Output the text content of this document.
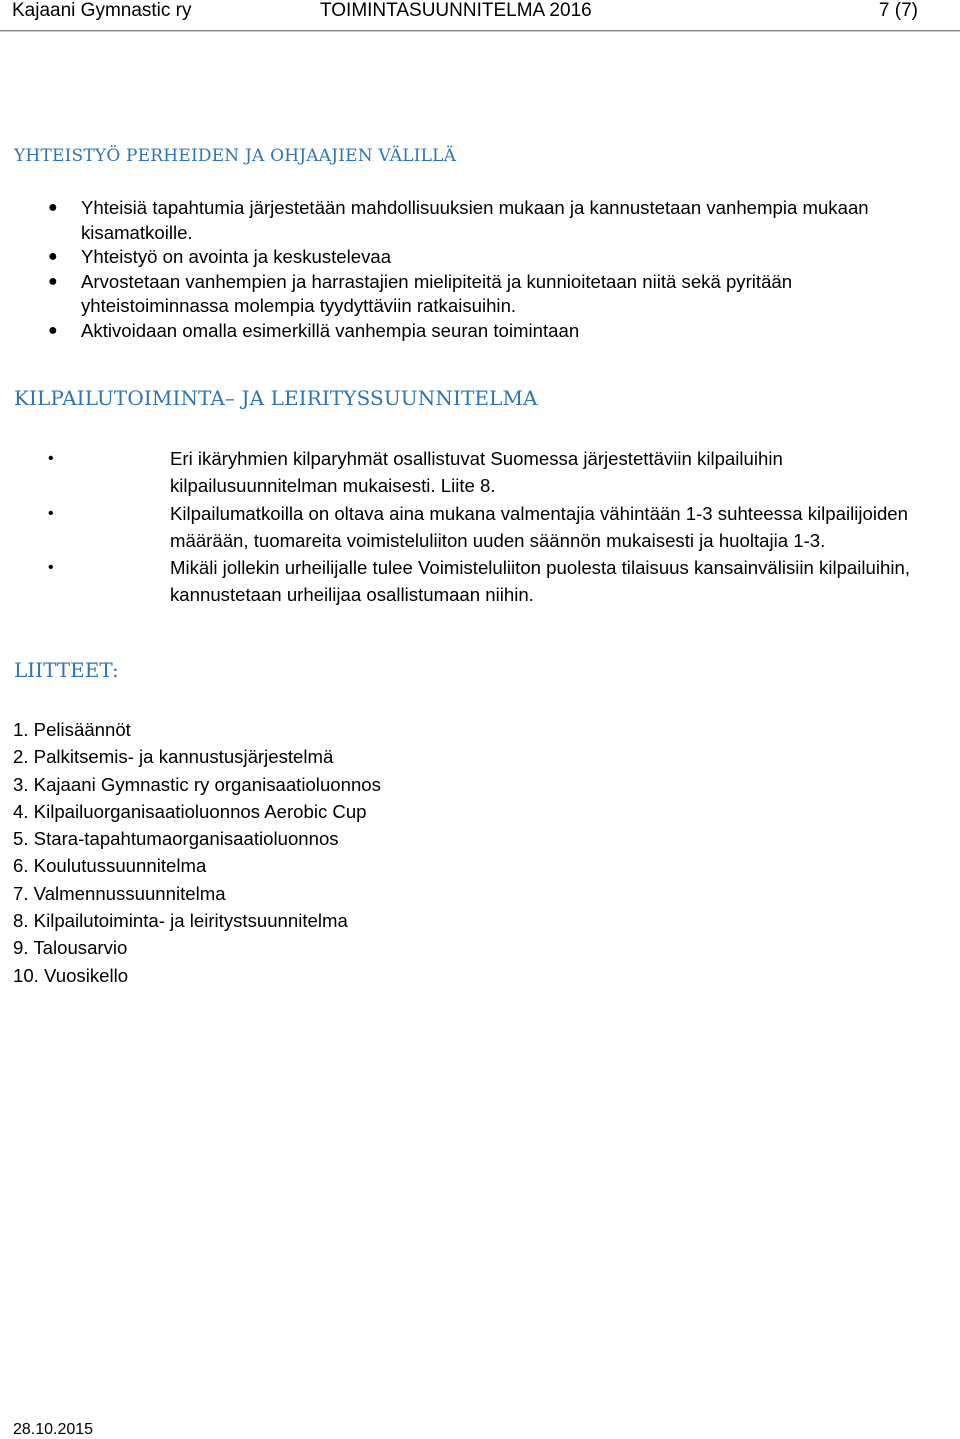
Kajaani Gymnastic ry	TOIMINTASUUNNITELMA 2016	7 (7)
YHTEISTYÖ PERHEIDEN JA OHJAAJIEN VÄLILLÄ
● Yhteisiä tapahtumia järjestetään mahdollisuuksien mukaan ja kannustetaan vanhempia mukaan kisamatkoille.
● Yhteistyö on avointa ja keskustelevaa
● Arvostetaan vanhempien ja harrastajien mielipiteitä ja kunnioitetaan niitä sekä pyritään yhteistoiminnassa molempia tyydyttäviin ratkaisuihin.
● Aktivoidaan omalla esimerkillä vanhempia seuran toimintaan
KILPAILUTOIMINTA– JA LEIRITYSSUUNNITELMA
•	Eri ikäryhmien kilparyhmät osallistuvat Suomessa järjestettäviin kilpailuihin kilpailusuunnitelman mukaisesti. Liite 8.
•	Kilpailumatkoilla on oltava aina mukana valmentajia vähintään 1-3 suhteessa kilpailijoiden määrään, tuomareita voimisteluliiton uuden säännön mukaisesti ja huoltajia 1-3.
•	Mikäli jollekin urheilijalle tulee Voimisteluliiton puolesta tilaisuus kansainvälisiin kilpailuihin, kannustetaan urheilijaa osallistumaan niihin.
LIITTEET:
1. Pelisäännöt
2. Palkitsemis- ja kannustusjärjestelmä
3. Kajaani Gymnastic ry organisaatioluonnos
4. Kilpailuorganisaatioluonnos Aerobic Cup
5. Stara-tapahtumaorganisaatioluonnos
6. Koulutussuunnitelma
7. Valmennussuunnitelma
8. Kilpailutoiminta- ja leiritystsuunnitelma
9. Talousarvio
10. Vuosikello
28.10.2015
